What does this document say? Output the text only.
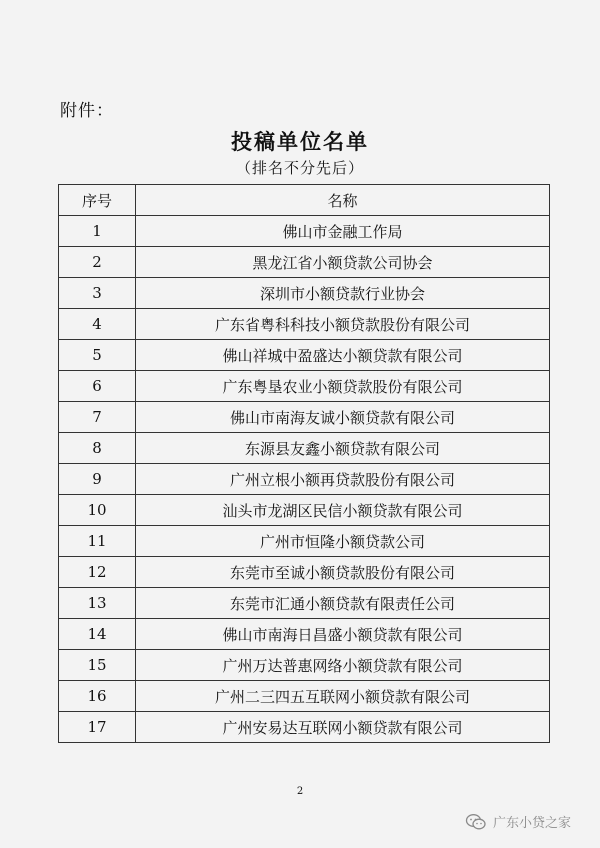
附件：
投稿单位名单
（排名不分先后）
序号	名称
1	佛山市金融工作局
2	黑龙江省小额贷款公司协会
3	深圳市小额贷款行业协会
4	广东省粤科科技小额贷款股份有限公司
5	佛山祥城中盈盛达小额贷款有限公司
6	广东粤垦农业小额贷款股份有限公司
7	佛山市南海友诚小额贷款有限公司
8	东源县友鑫小额贷款有限公司
9	广州立根小额再贷款股份有限公司
10	汕头市龙湖区民信小额贷款有限公司
11	广州市恒隆小额贷款公司
12	东莞市至诚小额贷款股份有限公司
13	东莞市汇通小额贷款有限责任公司
14	佛山市南海日昌盛小额贷款有限公司
15	广州万达普惠网络小额贷款有限公司
16	广州二三四五互联网小额贷款有限公司
17	广州安易达互联网小额贷款有限公司
2
广东小贷之家
